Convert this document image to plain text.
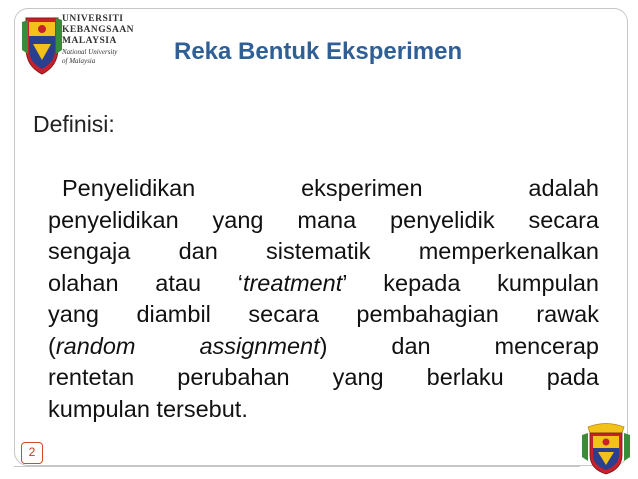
UNIVERSITI
KEBANGSAAN
MALAYSIA
National University
of Malaysia	Reka Bentuk Eksperimen
Definisi:
Penyelidikan eksperimen adalah
penyelidikan yang mana penyelidik secara
sengaja dan sistematik memperkenalkan
olahan atau ‘treatment’ kepada kumpulan
yang diambil secara pembahagian rawak
(random	assignment) dan mencerap
rentetan perubahan yang berlaku pada
kumpulan tersebut.
2
